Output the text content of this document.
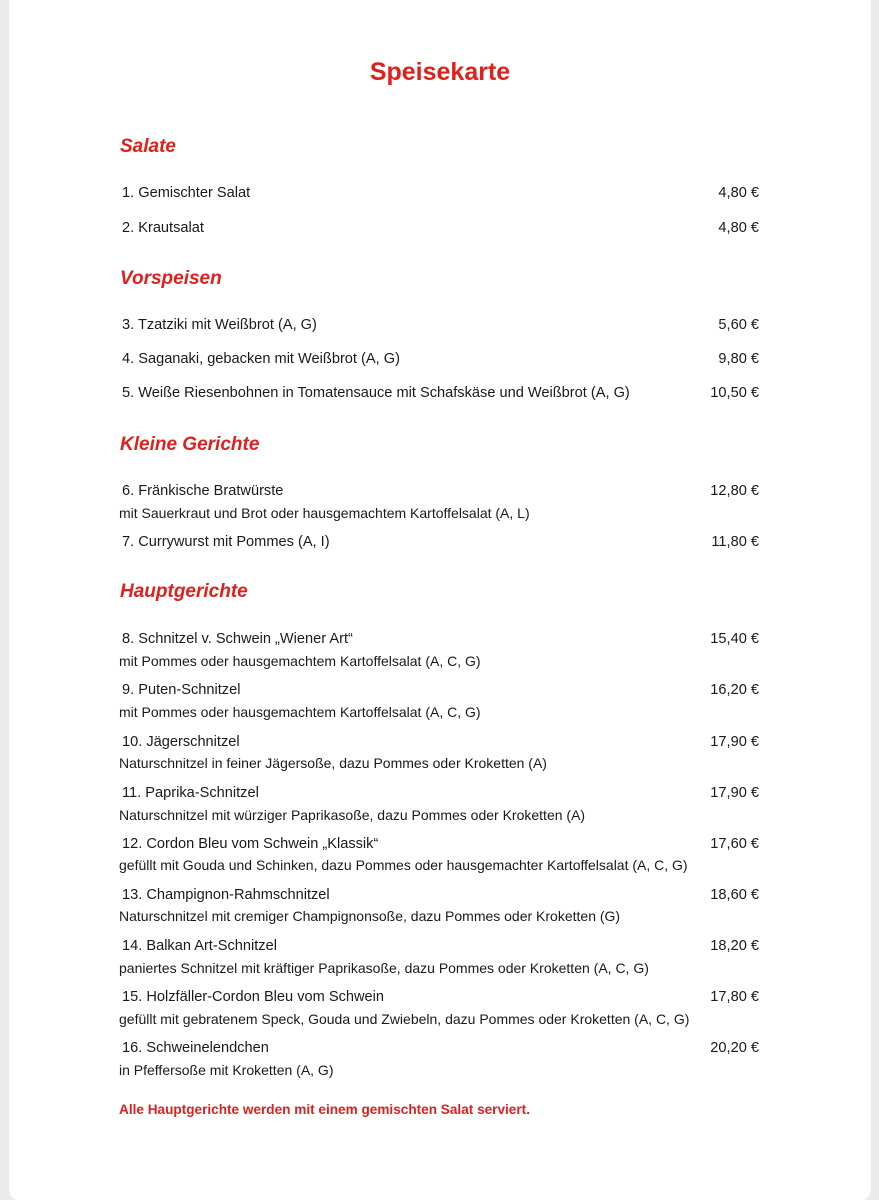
Speisekarte
Salate
1. Gemischter Salat	4,80 €
2. Krautsalat	4,80 €
Vorspeisen
3. Tzatziki mit Weißbrot (A, G)	5,60 €
4. Saganaki, gebacken mit Weißbrot (A, G)	9,80 €
5. Weiße Riesenbohnen in Tomatensauce mit Schafskäse und Weißbrot (A, G)	10,50 €
Kleine Gerichte
6. Fränkische Bratwürste	12,80 €
mit Sauerkraut und Brot oder hausgemachtem Kartoffelsalat (A, L)
7. Currywurst mit Pommes (A, I)	11,80 €
Hauptgerichte
8. Schnitzel v. Schwein „Wiener Art“	15,40 €
mit Pommes oder hausgemachtem Kartoffelsalat (A, C, G)
9. Puten-Schnitzel	16,20 €
mit Pommes oder hausgemachtem Kartoffelsalat (A, C, G)
10. Jägerschnitzel	17,90 €
Naturschnitzel in feiner Jägersoße, dazu Pommes oder Kroketten (A)
11. Paprika-Schnitzel	17,90 €
Naturschnitzel mit würziger Paprikasoße, dazu Pommes oder Kroketten (A)
12. Cordon Bleu vom Schwein „Klassik“	17,60 €
gefüllt mit Gouda und Schinken, dazu Pommes oder hausgemachter Kartoffelsalat (A, C, G)
13. Champignon-Rahmschnitzel	18,60 €
Naturschnitzel mit cremiger Champignonsoße, dazu Pommes oder Kroketten (G)
14. Balkan Art-Schnitzel	18,20 €
paniertes Schnitzel mit kräftiger Paprikasoße, dazu Pommes oder Kroketten (A, C, G)
15. Holzfäller-Cordon Bleu vom Schwein	17,80 €
gefüllt mit gebratenem Speck, Gouda und Zwiebeln, dazu Pommes oder Kroketten (A, C, G)
16. Schweinelendchen	20,20 €
in Pfeffersoße mit Kroketten (A, G)
Alle Hauptgerichte werden mit einem gemischten Salat serviert.
